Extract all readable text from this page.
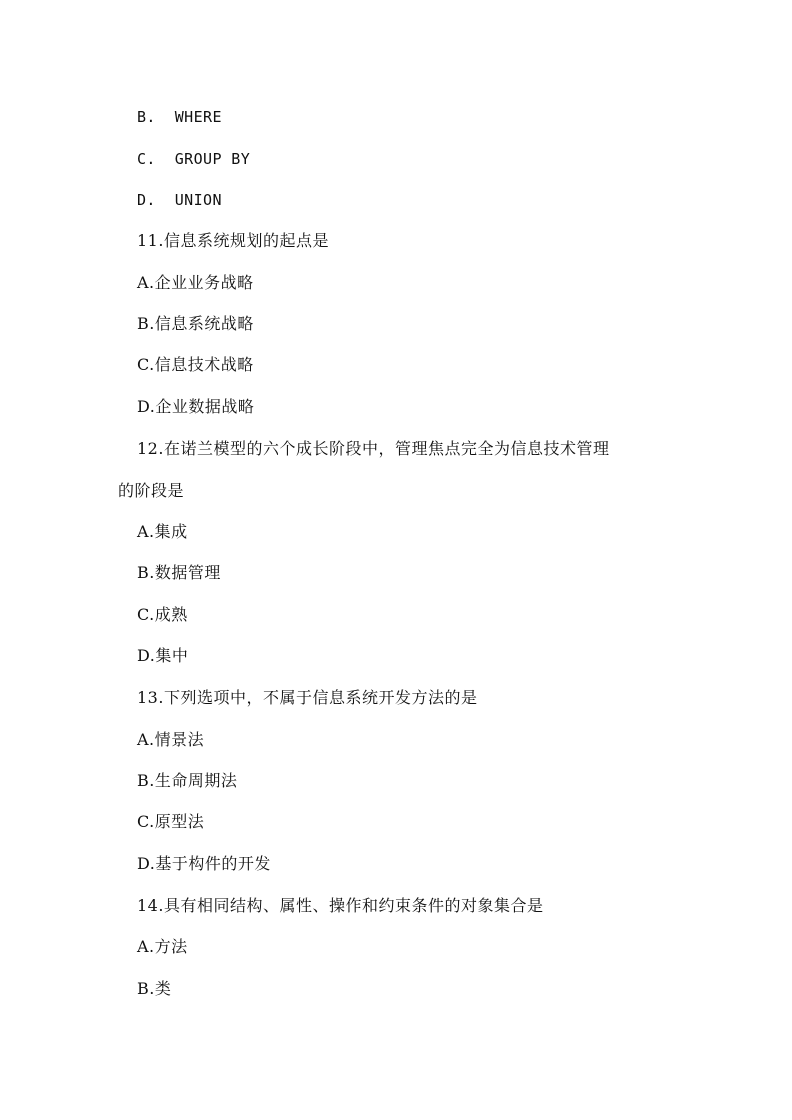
B.  WHERE
C.  GROUP BY
D.  UNION
11.信息系统规划的起点是
A.企业业务战略
B.信息系统战略
C.信息技术战略
D.企业数据战略
12.在诺兰模型的六个成长阶段中，管理焦点完全为信息技术管理
的阶段是
A.集成
B.数据管理
C.成熟
D.集中
13.下列选项中，不属于信息系统开发方法的是
A.情景法
B.生命周期法
C.原型法
D.基于构件的开发
14.具有相同结构、属性、操作和约束条件的对象集合是
A.方法
B.类
